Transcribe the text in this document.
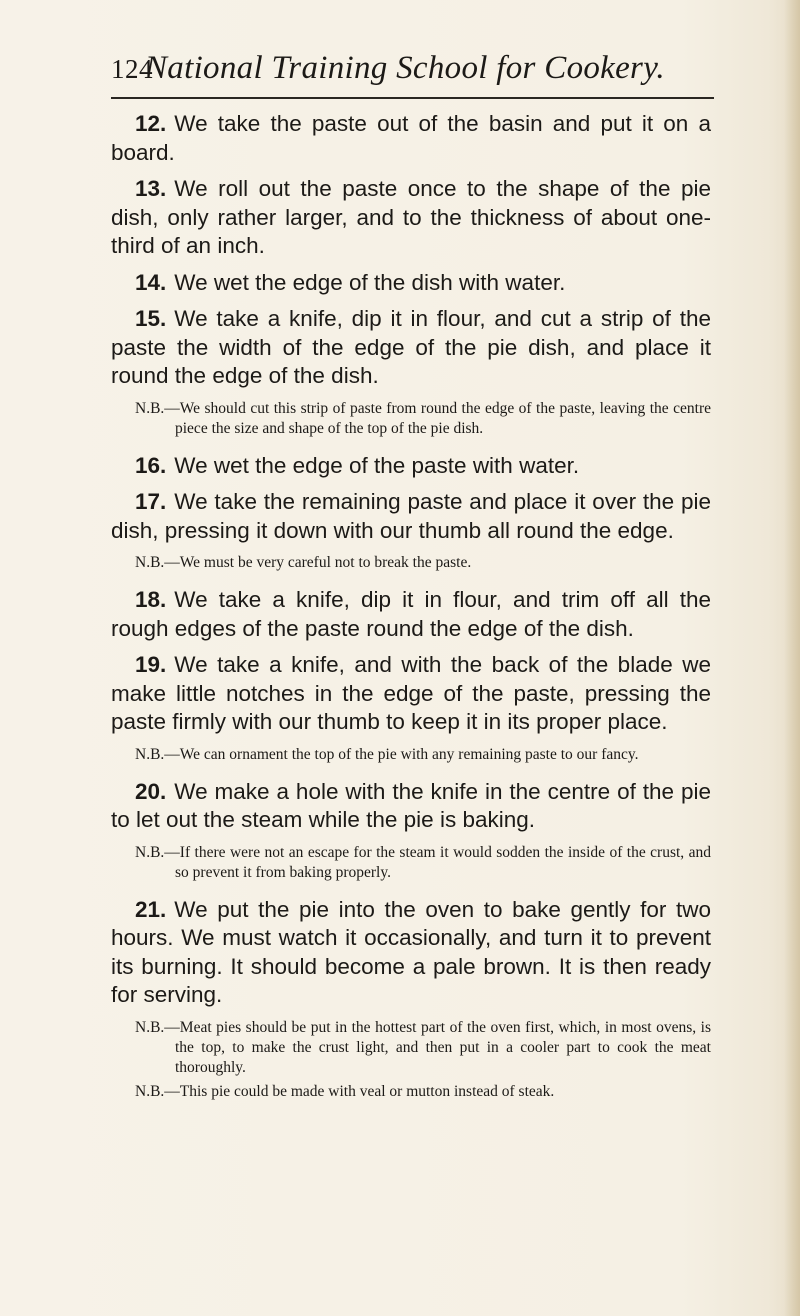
124
National Training School for Cookery.

12. We take the paste out of the basin and put it on a board.

13. We roll out the paste once to the shape of the pie dish, only rather larger, and to the thickness of about one-third of an inch.

14. We wet the edge of the dish with water.

15. We take a knife, dip it in flour, and cut a strip of the paste the width of the edge of the pie dish, and place it round the edge of the dish.

N.B.—We should cut this strip of paste from round the edge of the paste, leaving the centre piece the size and shape of the top of the pie dish.

16. We wet the edge of the paste with water.

17. We take the remaining paste and place it over the pie dish, pressing it down with our thumb all round the edge.

N.B.—We must be very careful not to break the paste.

18. We take a knife, dip it in flour, and trim off all the rough edges of the paste round the edge of the dish.

19. We take a knife, and with the back of the blade we make little notches in the edge of the paste, pressing the paste firmly with our thumb to keep it in its proper place.

N.B.—We can ornament the top of the pie with any remaining paste to our fancy.

20. We make a hole with the knife in the centre of the pie to let out the steam while the pie is baking.

N.B.—If there were not an escape for the steam it would sodden the inside of the crust, and so prevent it from baking properly.

21. We put the pie into the oven to bake gently for two hours. We must watch it occasionally, and turn it to prevent its burning. It should become a pale brown. It is then ready for serving.

N.B.—Meat pies should be put in the hottest part of the oven first, which, in most ovens, is the top, to make the crust light, and then put in a cooler part to cook the meat thoroughly.

N.B.—This pie could be made with veal or mutton instead of steak.
